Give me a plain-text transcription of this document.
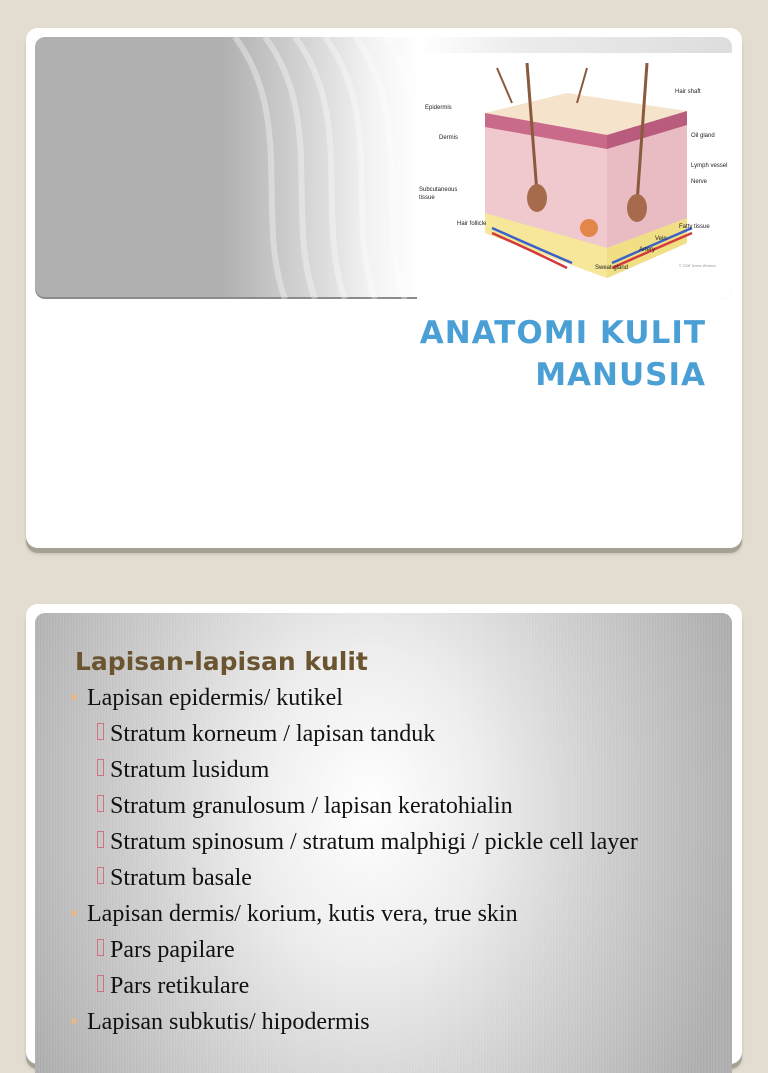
Epidermis
Dermis
Subcutaneous
tissue
Hair follicle
Hair shaft
Oil gland
Lymph vessel
Nerve
Fatty tissue
Vein
Artery
Sweat gland	© 2008 Terese Winslow
ANATOMI KULIT
MANUSIA
Lapisan-lapisan kulit
Lapisan epidermis/ kutikel
Stratum korneum / lapisan tanduk
Stratum lusidum
Stratum granulosum / lapisan keratohialin
Stratum spinosum / stratum malphigi / pickle cell layer
Stratum basale
Lapisan dermis/ korium, kutis vera, true skin
Pars papilare
Pars retikulare
Lapisan subkutis/ hipodermis
